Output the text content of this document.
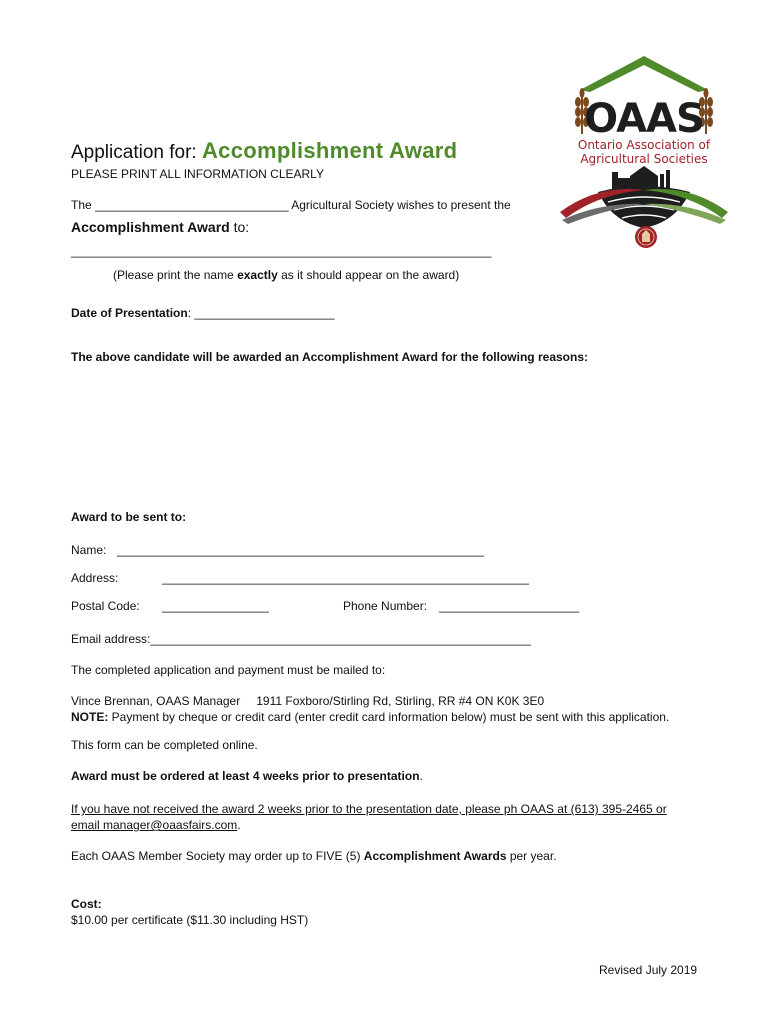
OAAS
Ontario Association of
Agricultural Societies
Application for: Accomplishment Award
PLEASE PRINT ALL INFORMATION CLEARLY
The _____________________________ Agricultural Society wishes to present the
Accomplishment Award to:
_______________________________________________________________
(Please print the name exactly as it should appear on the award)
Date of Presentation: _____________________
The above candidate will be awarded an Accomplishment Award for the following reasons:
Award to be sent to:
Name: _______________________________________________________
Address:	_______________________________________________________
Postal Code: ________________	Phone Number: _____________________
Email address:_________________________________________________________
The completed application and payment must be mailed to:
Vince Brennan, OAAS Manager 1911 Foxboro/Stirling Rd, Stirling, RR #4 ON K0K 3E0
NOTE: Payment by cheque or credit card (enter credit card information below) must be sent with this application.
This form can be completed online.
Award must be ordered at least 4 weeks prior to presentation.
If you have not received the award 2 weeks prior to the presentation date, please ph OAAS at (613) 395-2465 or
email manager@oaasfairs.com.
Each OAAS Member Society may order up to FIVE (5) Accomplishment Awards per year.
Cost:
$10.00 per certificate ($11.30 including HST)
Revised July 2019
